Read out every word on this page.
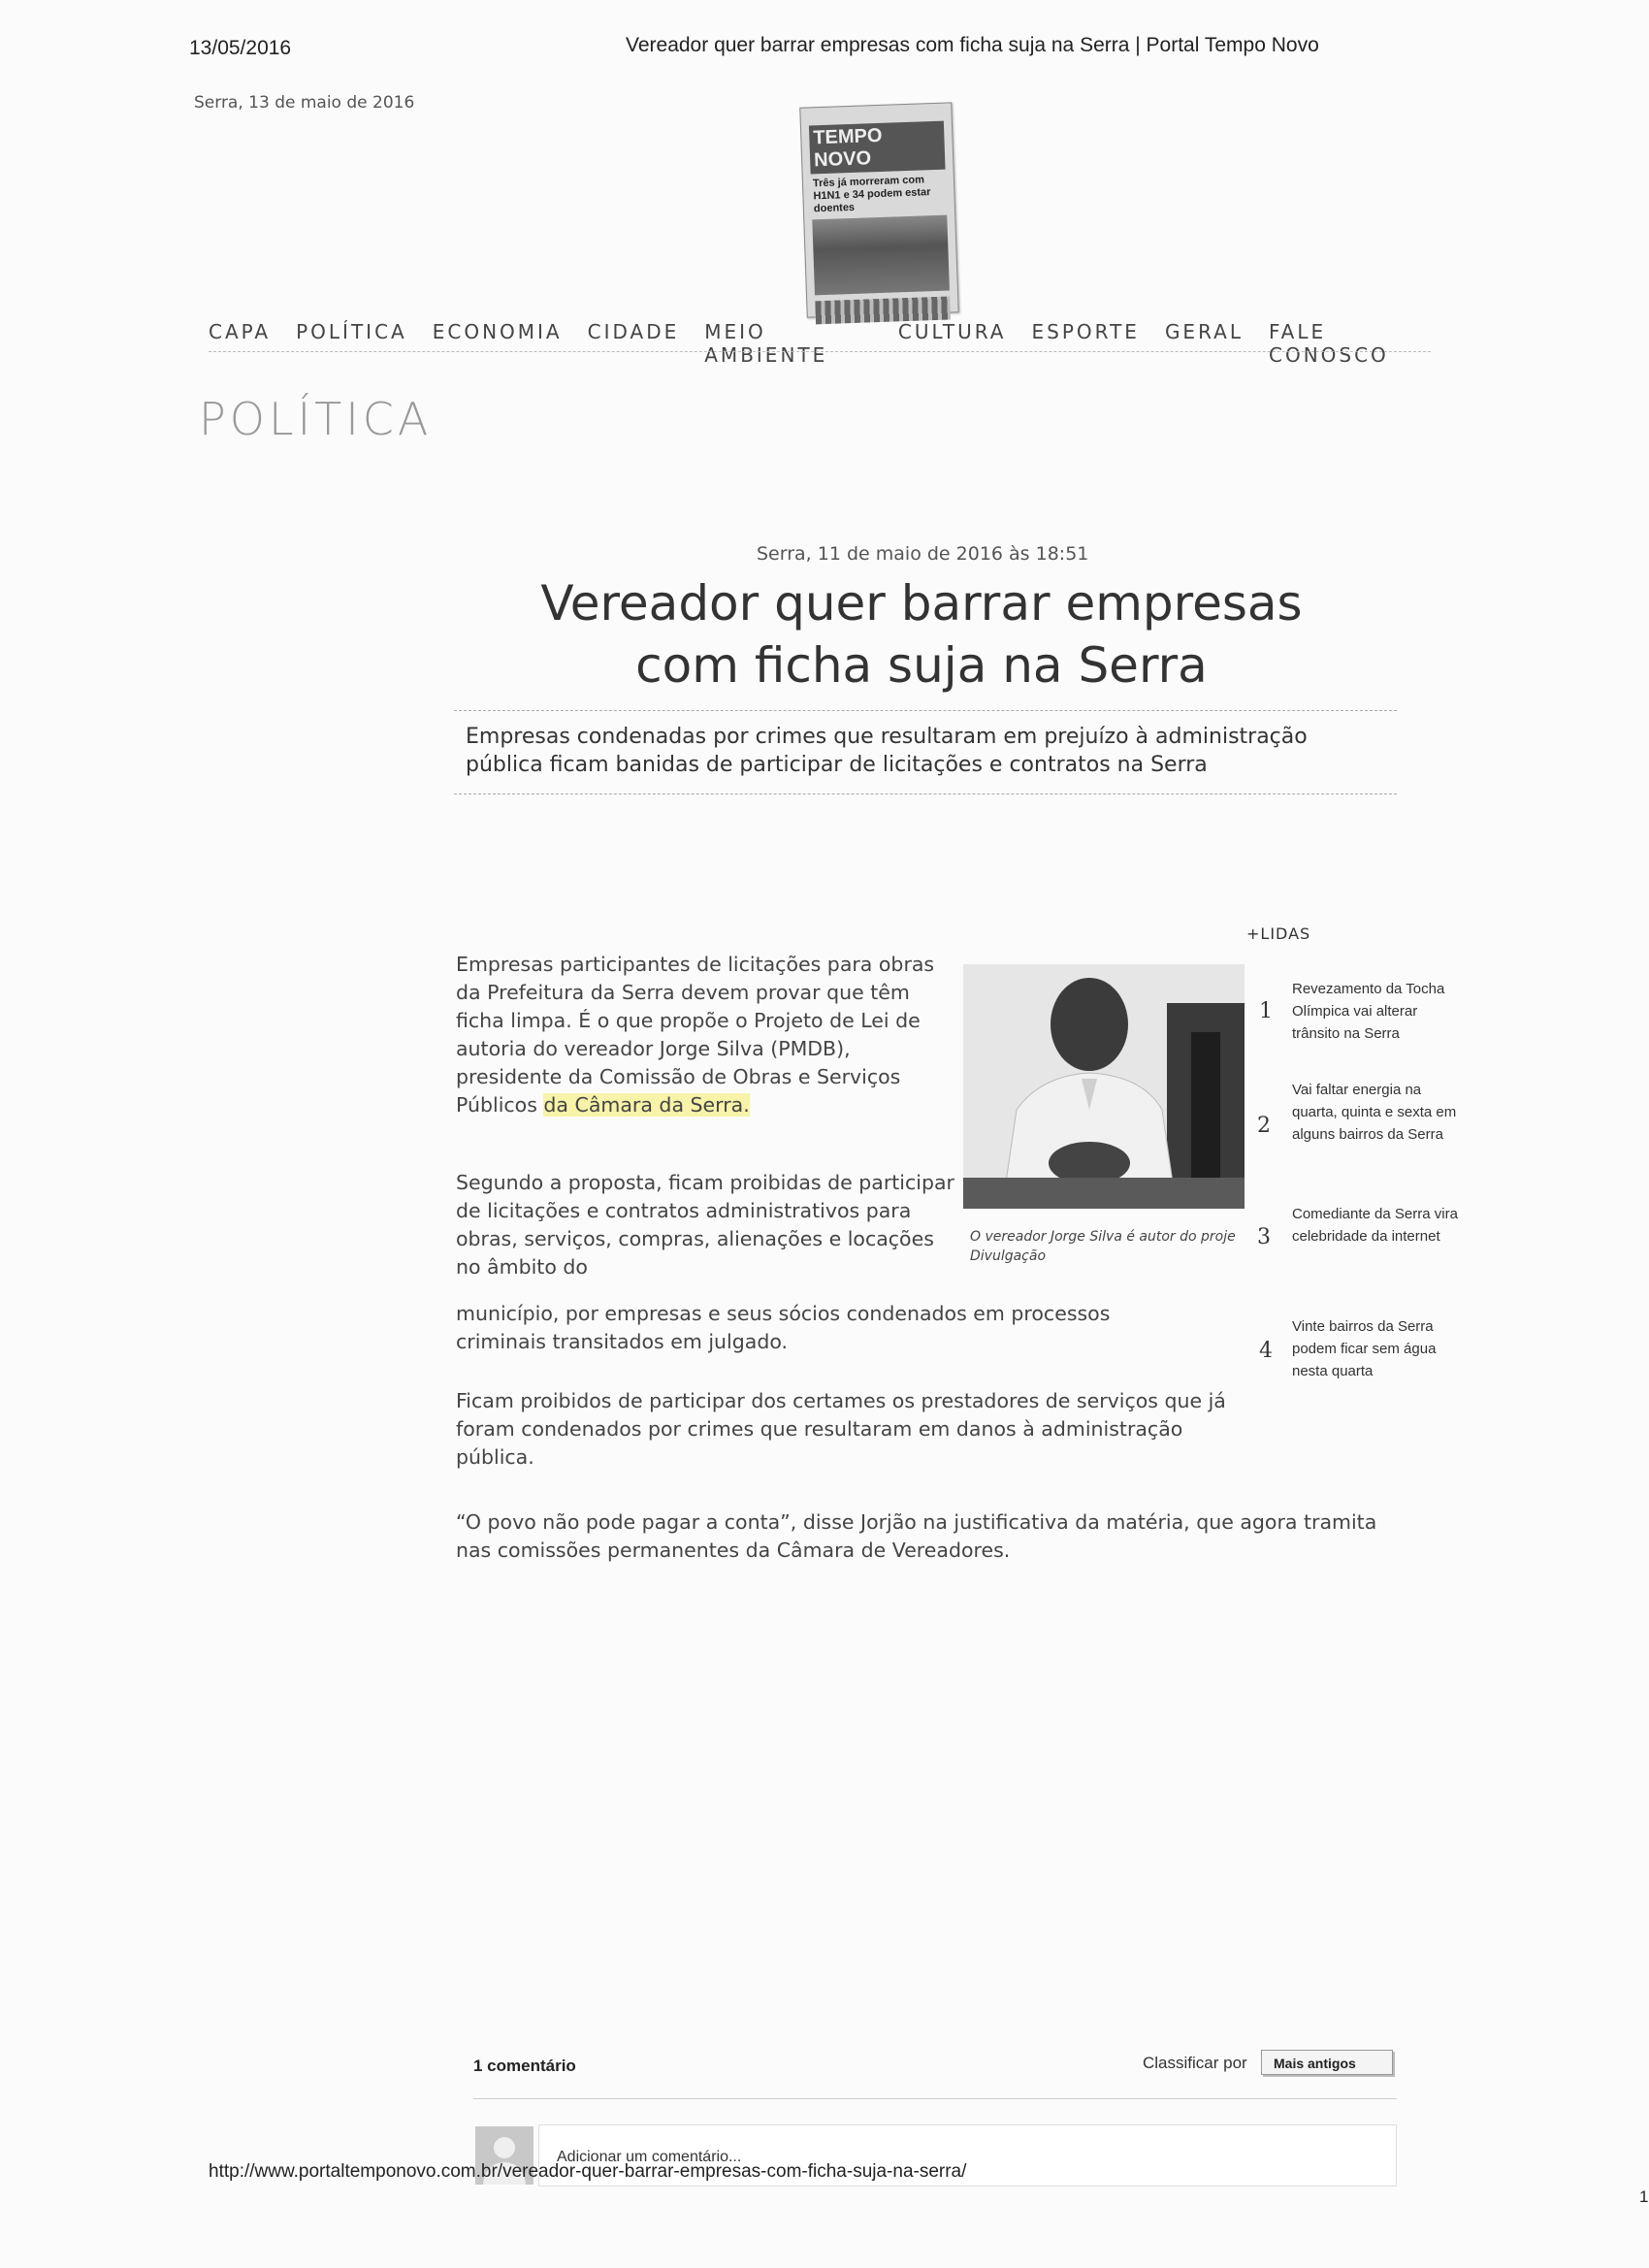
13/05/2016	Vereador quer barrar empresas com ficha suja na Serra | Portal Tempo Novo
Serra, 13 de maio de 2016
TEMPO NOVO
Três já morreram com H1N1 e 34 podem estar doentes
CAPA POLÍTICA ECONOMIA CIDADE MEIO AMBIENTE
CULTURA ESPORTE GERAL FALE CONOSCO
POLÍTICA
Serra, 11 de maio de 2016 às 18:51
Vereador quer barrar empresas
com ficha suja na Serra
Empresas condenadas por crimes que resultaram em prejuízo à administração pública ficam banidas de participar de licitações e contratos na Serra
Empresas participantes de licitações para obras da Prefeitura da Serra devem provar que têm ficha limpa. É o que propõe o Projeto de Lei de autoria do vereador Jorge Silva (PMDB), presidente da Comissão de Obras e Serviços Públicos da Câmara da Serra.
O vereador Jorge Silva é autor do proje
Divulgação
Segundo a proposta, ficam proibidas de participar de licitações e contratos administrativos para obras, serviços, compras, alienações e locações no âmbito do
município, por empresas e seus sócios condenados em processos criminais transitados em julgado.
Ficam proibidos de participar dos certames os prestadores de serviços que já foram condenados por crimes que resultaram em danos à administração pública.
“O povo não pode pagar a conta”, disse Jorjão na justificativa da matéria, que agora tramita nas comissões permanentes da Câmara de Vereadores.
+LIDAS
1
Revezamento da Tocha Olímpica vai alterar trânsito na Serra
2
Vai faltar energia na quarta, quinta e sexta em alguns bairros da Serra
3
Comediante da Serra vira celebridade da internet
4
Vinte bairros da Serra podem ficar sem água nesta quarta
1 comentário	Classificar por	Mais antigos
Adicionar um comentário...
http://www.portaltemponovo.com.br/vereador-quer-barrar-empresas-com-ficha-suja-na-serra/
1
